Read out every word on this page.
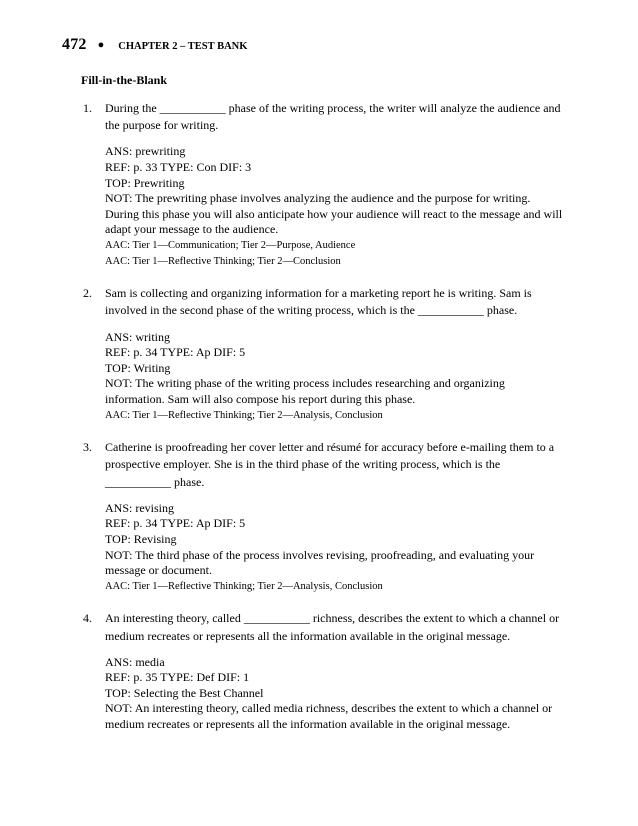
472 ● CHAPTER 2 – TEST BANK
Fill-in-the-Blank
1. During the ___________ phase of the writing process, the writer will analyze the audience and the purpose for writing.

ANS: prewriting
REF: p. 33 TYPE: Con DIF: 3
TOP: Prewriting
NOT: The prewriting phase involves analyzing the audience and the purpose for writing. During this phase you will also anticipate how your audience will react to the message and will adapt your message to the audience.
AAC: Tier 1—Communication; Tier 2—Purpose, Audience
AAC: Tier 1—Reflective Thinking; Tier 2—Conclusion
2. Sam is collecting and organizing information for a marketing report he is writing. Sam is involved in the second phase of the writing process, which is the ___________ phase.

ANS: writing
REF: p. 34 TYPE: Ap DIF: 5
TOP: Writing
NOT: The writing phase of the writing process includes researching and organizing information. Sam will also compose his report during this phase.
AAC: Tier 1—Reflective Thinking; Tier 2—Analysis, Conclusion
3. Catherine is proofreading her cover letter and résumé for accuracy before e-mailing them to a prospective employer. She is in the third phase of the writing process, which is the ___________ phase.

ANS: revising
REF: p. 34 TYPE: Ap DIF: 5
TOP: Revising
NOT: The third phase of the process involves revising, proofreading, and evaluating your message or document.
AAC: Tier 1—Reflective Thinking; Tier 2—Analysis, Conclusion
4. An interesting theory, called ___________ richness, describes the extent to which a channel or medium recreates or represents all the information available in the original message.

ANS: media
REF: p. 35 TYPE: Def DIF: 1
TOP: Selecting the Best Channel
NOT: An interesting theory, called media richness, describes the extent to which a channel or medium recreates or represents all the information available in the original message.
